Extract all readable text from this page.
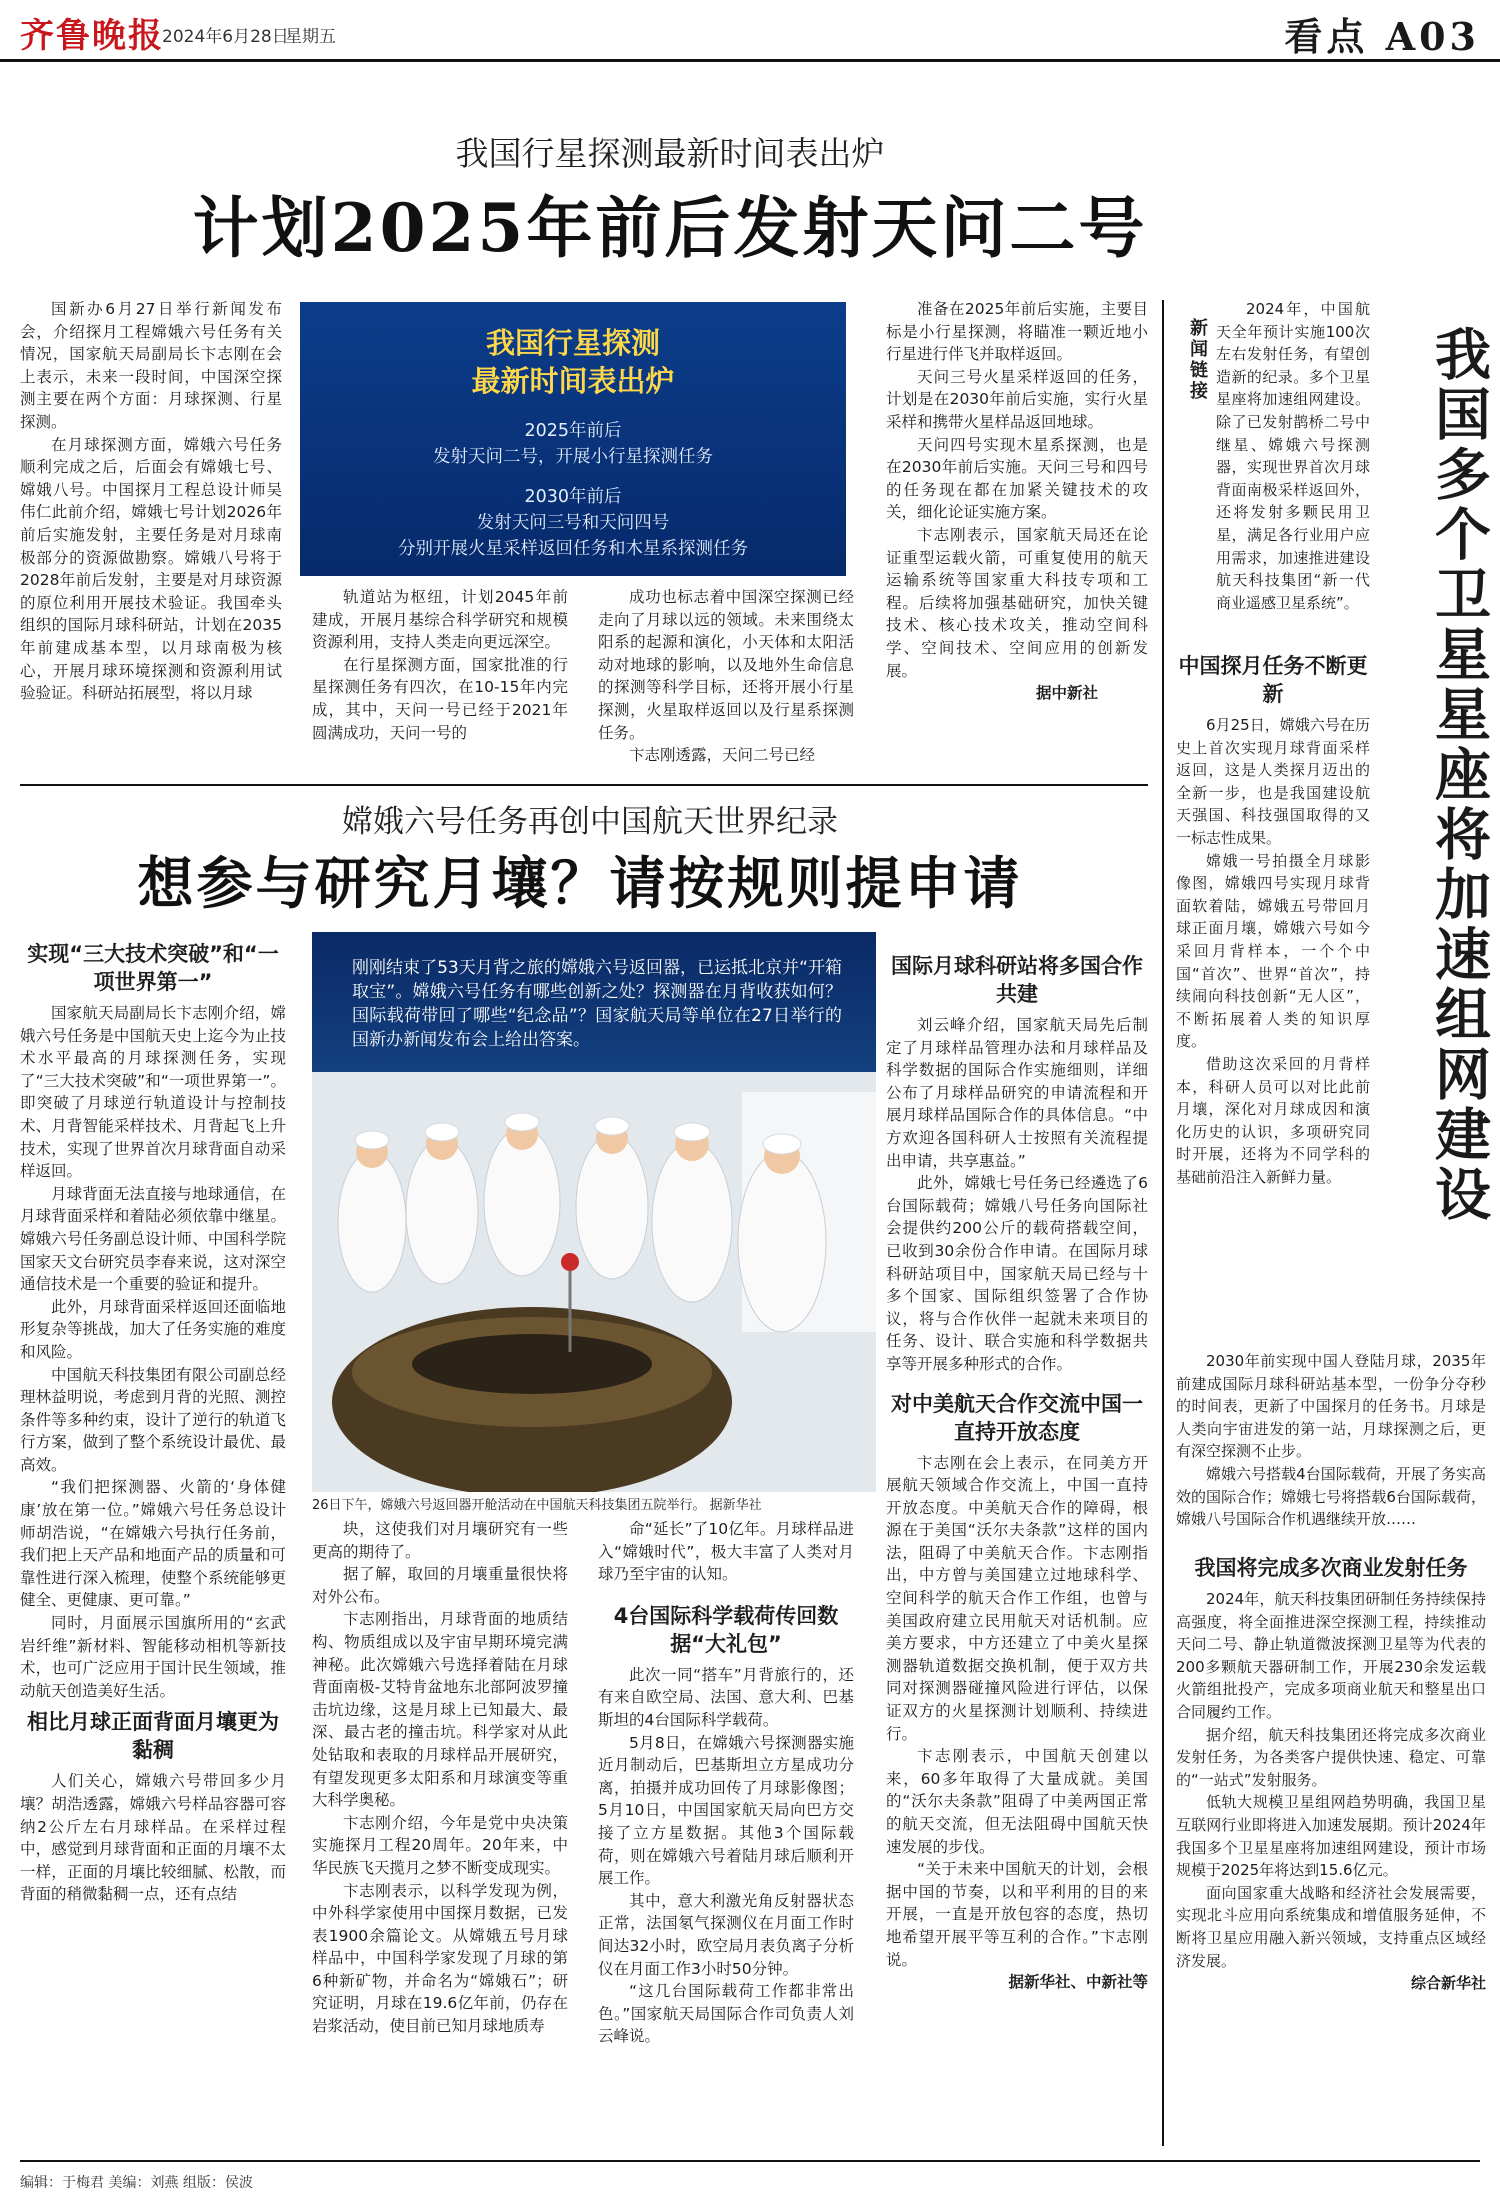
齐鲁晚报
2024年6月28日
星期五	看点 A03
我国行星探测最新时间表出炉
计划2025年前后发射天问二号
我国行星探测
最新时间表出炉
2025年前后
发射天问二号，开展小行星探测任务
2030年前后
发射天问三号和天问四号
分别开展火星采样返回任务和木星系探测任务

国新办6月27日举行新闻发布会，介绍探月工程嫦娥六号任务有关情况，国家航天局副局长卞志刚在会上表示，未来一段时间，中国深空探测主要在两个方面：月球探测、行星探测。

在月球探测方面，嫦娥六号任务顺利完成之后，后面会有嫦娥七号、嫦娥八号。中国探月工程总设计师吴伟仁此前介绍，嫦娥七号计划2026年前后实施发射，主要任务是对月球南极部分的资源做勘察。嫦娥八号将于2028年前后发射，主要是对月球资源的原位利用开展技术验证。我国牵头组织的国际月球科研站，计划在2035年前建成基本型，以月球南极为核心，开展月球环境探测和资源利用试验验证。科研站拓展型，将以月球

轨道站为枢纽，计划2045年前建成，开展月基综合科学研究和规模资源利用，支持人类走向更远深空。

在行星探测方面，国家批准的行星探测任务有四次，在10-15年内完成，其中，天问一号已经于2021年圆满成功，天问一号的

成功也标志着中国深空探测已经走向了月球以远的领域。未来围绕太阳系的起源和演化，小天体和太阳活动对地球的影响，以及地外生命信息的探测等科学目标，还将开展小行星探测，火星取样返回以及行星系探测任务。

卞志刚透露，天问二号已经

准备在2025年前后实施，主要目标是小行星探测，将瞄准一颗近地小行星进行伴飞并取样返回。

天问三号火星采样返回的任务，计划是在2030年前后实施，实行火星采样和携带火星样品返回地球。

天问四号实现木星系探测，也是在2030年前后实施。天问三号和四号的任务现在都在加紧关键技术的攻关，细化论证实施方案。

卞志刚表示，国家航天局还在论证重型运载火箭，可重复使用的航天运输系统等国家重大科技专项和工程。后续将加强基础研究，加快关键技术、核心技术攻关，推动空间科学、空间技术、空间应用的创新发展。

据中新社

嫦娥六号任务再创中国航天世界纪录
想参与研究月壤？请按规则提申请
刚刚结束了53天月背之旅的嫦娥六号返回器，已运抵北京并“开箱取宝”。嫦娥六号任务有哪些创新之处？探测器在月背收获如何？国际载荷带回了哪些“纪念品”？国家航天局等单位在27日举行的国新办新闻发布会上给出答案。
26日下午，嫦娥六号返回器开舱活动在中国航天科技集团五院举行。 据新华社
实现“三大技术突破”和“一项世界第一”

国家航天局副局长卞志刚介绍，嫦娥六号任务是中国航天史上迄今为止技术水平最高的月球探测任务，实现了“三大技术突破”和“一项世界第一”。即突破了月球逆行轨道设计与控制技术、月背智能采样技术、月背起飞上升技术，实现了世界首次月球背面自动采样返回。

月球背面无法直接与地球通信，在月球背面采样和着陆必须依靠中继星。嫦娥六号任务副总设计师、中国科学院国家天文台研究员李春来说，这对深空通信技术是一个重要的验证和提升。

此外，月球背面采样返回还面临地形复杂等挑战，加大了任务实施的难度和风险。

中国航天科技集团有限公司副总经理林益明说，考虑到月背的光照、测控条件等多种约束，设计了逆行的轨道飞行方案，做到了整个系统设计最优、最高效。

“我们把探测器、火箭的‘身体健康’放在第一位。”嫦娥六号任务总设计师胡浩说，“在嫦娥六号执行任务前，我们把上天产品和地面产品的质量和可靠性进行深入梳理，使整个系统能够更健全、更健康、更可靠。”

同时，月面展示国旗所用的“玄武岩纤维”新材料、智能移动相机等新技术，也可广泛应用于国计民生领域，推动航天创造美好生活。

相比月球正面背面月壤更为黏稠

人们关心，嫦娥六号带回多少月壤？胡浩透露，嫦娥六号样品容器可容纳2公斤左右月球样品。在采样过程中，感觉到月球背面和正面的月壤不太一样，正面的月壤比较细腻、松散，而背面的稍微黏稠一点，还有点结

块，这使我们对月壤研究有一些更高的期待了。

据了解，取回的月壤重量很快将对外公布。

卞志刚指出，月球背面的地质结构、物质组成以及宇宙早期环境完满神秘。此次嫦娥六号选择着陆在月球背面南极-艾特肯盆地东北部阿波罗撞击坑边缘，这是月球上已知最大、最深、最古老的撞击坑。科学家对从此处钻取和表取的月球样品开展研究，有望发现更多太阳系和月球演变等重大科学奥秘。

卞志刚介绍，今年是党中央决策实施探月工程20周年。20年来，中华民族飞天揽月之梦不断变成现实。

卞志刚表示，以科学发现为例，中外科学家使用中国探月数据，已发表1900余篇论文。从嫦娥五号月球样品中，中国科学家发现了月球的第6种新矿物，并命名为“嫦娥石”；研究证明，月球在19.6亿年前，仍存在岩浆活动，使目前已知月球地质寿

命“延长”了10亿年。月球样品进入“嫦娥时代”，极大丰富了人类对月球乃至宇宙的认知。

4台国际科学载荷传回数据“大礼包”

此次一同“搭车”月背旅行的，还有来自欧空局、法国、意大利、巴基斯坦的4台国际科学载荷。

5月8日，在嫦娥六号探测器实施近月制动后，巴基斯坦立方星成功分离，拍摄并成功回传了月球影像图；5月10日，中国国家航天局向巴方交接了立方星数据。其他3个国际载荷，则在嫦娥六号着陆月球后顺利开展工作。

其中，意大利激光角反射器状态正常，法国氡气探测仪在月面工作时间达32小时，欧空局月表负离子分析仪在月面工作3小时50分钟。

“这几台国际载荷工作都非常出色。”国家航天局国际合作司负责人刘云峰说。

国际月球科研站将多国合作共建

刘云峰介绍，国家航天局先后制定了月球样品管理办法和月球样品及科学数据的国际合作实施细则，详细公布了月球样品研究的申请流程和开展月球样品国际合作的具体信息。“中方欢迎各国科研人士按照有关流程提出申请，共享惠益。”

此外，嫦娥七号任务已经遴选了6台国际载荷；嫦娥八号任务向国际社会提供约200公斤的载荷搭载空间，已收到30余份合作申请。在国际月球科研站项目中，国家航天局已经与十多个国家、国际组织签署了合作协议，将与合作伙伴一起就未来项目的任务、设计、联合实施和科学数据共享等开展多种形式的合作。

对中美航天合作交流中国一直持开放态度

卞志刚在会上表示，在同美方开展航天领域合作交流上，中国一直持开放态度。中美航天合作的障碍，根源在于美国“沃尔夫条款”这样的国内法，阻碍了中美航天合作。卞志刚指出，中方曾与美国建立过地球科学、空间科学的航天合作工作组，也曾与美国政府建立民用航天对话机制。应美方要求，中方还建立了中美火星探测器轨道数据交换机制，便于双方共同对探测器碰撞风险进行评估，以保证双方的火星探测计划顺利、持续进行。

卞志刚表示，中国航天创建以来，60多年取得了大量成就。美国的“沃尔夫条款”阻碍了中美两国正常的航天交流，但无法阻碍中国航天快速发展的步伐。

“关于未来中国航天的计划，会根据中国的节奏，以和平利用的目的来开展，一直是开放包容的态度，热切地希望开展平等互利的合作。”卞志刚说。

据新华社、中新社等

新闻链接	我国多个卫星星座将加速组网建设

2024年，中国航天全年预计实施100次左右发射任务，有望创造新的纪录。多个卫星星座将加速组网建设。除了已发射鹊桥二号中继星、嫦娥六号探测器，实现世界首次月球背面南极采样返回外，还将发射多颗民用卫星，满足各行业用户应用需求，加速推进建设航天科技集团“新一代商业遥感卫星系统”。

中国探月任务不断更新

6月25日，嫦娥六号在历史上首次实现月球背面采样返回，这是人类探月迈出的全新一步，也是我国建设航天强国、科技强国取得的又一标志性成果。

嫦娥一号拍摄全月球影像图，嫦娥四号实现月球背面软着陆，嫦娥五号带回月球正面月壤，嫦娥六号如今采回月背样本，一个个中国“首次”、世界“首次”，持续闹向科技创新“无人区”，不断拓展着人类的知识厚度。

借助这次采回的月背样本，科研人员可以对比此前月壤，深化对月球成因和演化历史的认识，多项研究同时开展，还将为不同学科的基础前沿注入新鲜力量。

2030年前实现中国人登陆月球，2035年前建成国际月球科研站基本型，一份争分夺秒的时间表，更新了中国探月的任务书。月球是人类向宇宙进发的第一站，月球探测之后，更有深空探测不止步。

嫦娥六号搭载4台国际载荷，开展了务实高效的国际合作；嫦娥七号将搭载6台国际载荷，嫦娥八号国际合作机遇继续开放……

我国将完成多次商业发射任务

2024年，航天科技集团研制任务持续保持高强度，将全面推进深空探测工程，持续推动天问二号、静止轨道微波探测卫星等为代表的200多颗航天器研制工作，开展230余发运载火箭组批投产，完成多项商业航天和整星出口合同履约工作。

据介绍，航天科技集团还将完成多次商业发射任务，为各类客户提供快速、稳定、可靠的“一站式”发射服务。

低轨大规模卫星组网趋势明确，我国卫星互联网行业即将进入加速发展期。预计2024年我国多个卫星星座将加速组网建设，预计市场规模于2025年将达到15.6亿元。

面向国家重大战略和经济社会发展需要，实现北斗应用向系统集成和增值服务延伸，不断将卫星应用融入新兴领域，支持重点区域经济发展。

综合新华社

编辑：于梅君 美编：刘燕 组版：侯波
